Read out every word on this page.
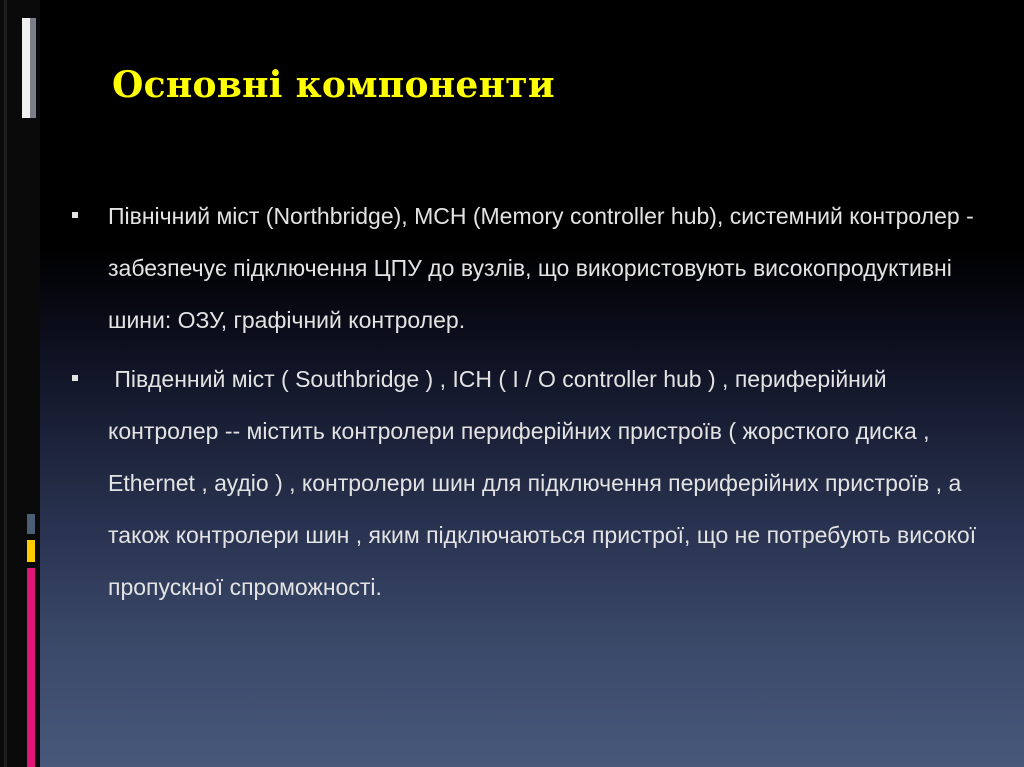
Основні компоненти
Північний міст (Northbridge), MCH (Memory controller hub), системний контролер - забезпечує підключення ЦПУ до вузлів, що використовують високопродуктивні шини: ОЗУ, графічний контролер.
Південний міст ( Southbridge ) , ICH ( I / O controller hub ) , периферійний контролер -- містить контролери периферійних пристроїв ( жорсткого диска , Ethernet , аудіо ) , контролери шин для підключення периферійних пристроїв , а також контролери шин , яким підключаються пристрої, що не потребують високої пропускної спроможності.
